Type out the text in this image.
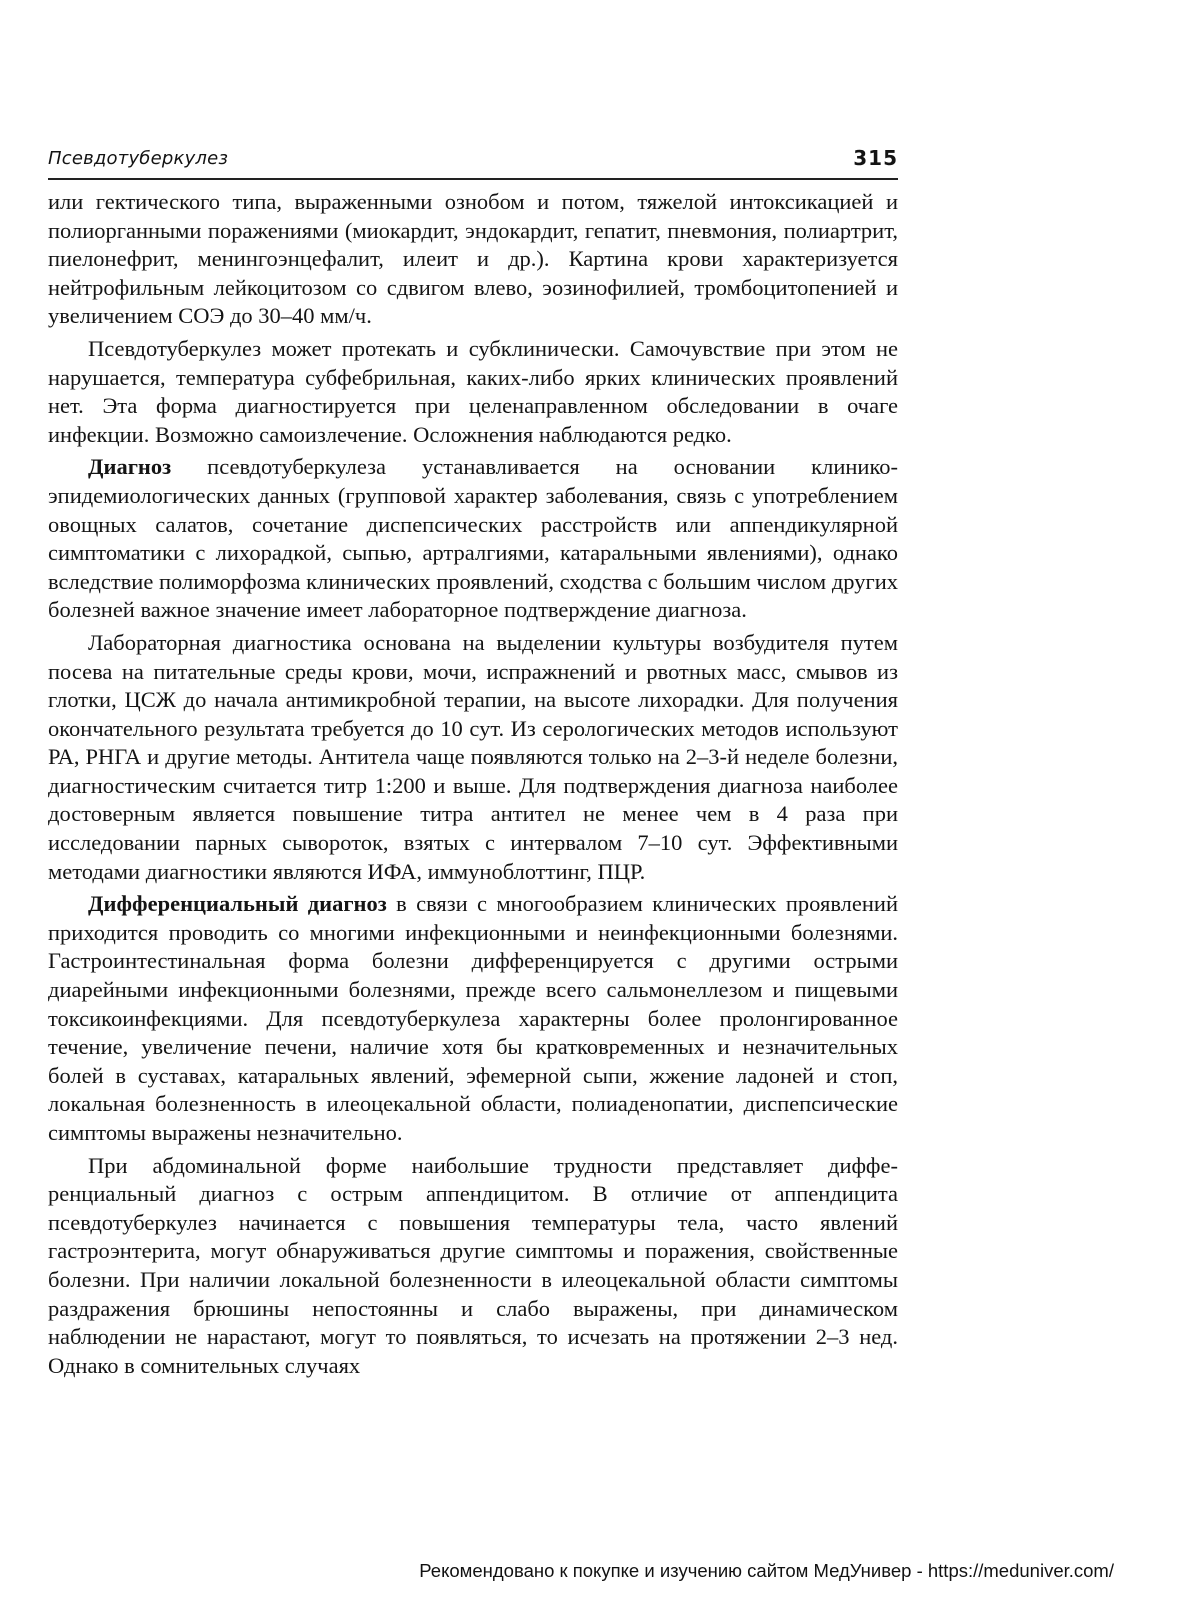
Псевдотуберкулез	315

или гектического типа, выраженными ознобом и потом, тяжелой интоксикацией и полиорганными поражениями (миокардит, эндокардит, гепатит, пневмония, полиартрит, пиелонефрит, менингоэнцефалит, илеит и др.). Картина крови характеризуется нейтрофильным лейкоцитозом со сдвигом влево, эозинофилией, тромбоцитопенией и увеличением СОЭ до 30–40 мм/ч.

Псевдотуберкулез может протекать и субклинически. Самочувствие при этом не нарушается, температура субфебрильная, каких-либо ярких клинических проявлений нет. Эта форма диагностируется при целенаправленном обследовании в очаге инфекции. Возможно самоизлечение. Осложнения наблюдаются редко.

Диагноз псевдотуберкулеза устанавливается на основании клинико-эпидемиологических данных (групповой характер заболевания, связь с употреблением овощных салатов, сочетание диспепсических расстройств или аппендикулярной симптоматики с лихорадкой, сыпью, артралгиями, катаральными явлениями), однако вследствие полиморфозма клинических проявлений, сходства с большим числом других болезней важное значение имеет лабораторное подтверждение диагноза.

Лабораторная диагностика основана на выделении культуры возбудителя путем посева на питательные среды крови, мочи, испражнений и рвотных масс, смывов из глотки, ЦСЖ до начала антимикробной терапии, на высоте лихорадки. Для получения окончательного результата требуется до 10 сут. Из серологических методов используют РА, РНГА и другие методы. Антитела чаще появляются только на 2–3-й неделе болезни, диагностическим считается титр 1:200 и выше. Для подтверждения диагноза наиболее достоверным является повышение титра антител не менее чем в 4 раза при исследовании парных сывороток, взятых с интервалом 7–10 сут. Эффективными методами диагностики являются ИФА, иммуноблоттинг, ПЦР.

Дифференциальный диагноз в связи с многообразием клинических проявлений приходится проводить со многими инфекционными и неинфекционными болезнями. Гастроинтестинальная форма болезни дифференцируется с другими острыми диарейными инфекционными болезнями, прежде всего сальмонеллезом и пищевыми токсикоинфекциями. Для псевдотуберкулеза характерны более пролонгированное течение, увеличение печени, наличие хотя бы кратковременных и незначительных болей в суставах, катаральных явлений, эфемерной сыпи, жжение ладоней и стоп, локальная болезненность в илеоцекальной области, полиаденопатии, диспепсические симптомы выражены незначительно.

При абдоминальной форме наибольшие трудности представляет дифференциальный диагноз с острым аппендицитом. В отличие от аппендицита псевдотуберкулез начинается с повышения температуры тела, часто явлений гастроэнтерита, могут обнаруживаться другие симптомы и поражения, свойственные болезни. При наличии локальной болезненности в илеоцекальной области симптомы раздражения брюшины непостоянны и слабо выражены, при динамическом наблюдении не нарастают, могут то появляться, то исчезать на протяжении 2–3 нед. Однако в сомнительных случаях

Рекомендовано к покупке и изучению сайтом МедУнивер - https://meduniver.com/
